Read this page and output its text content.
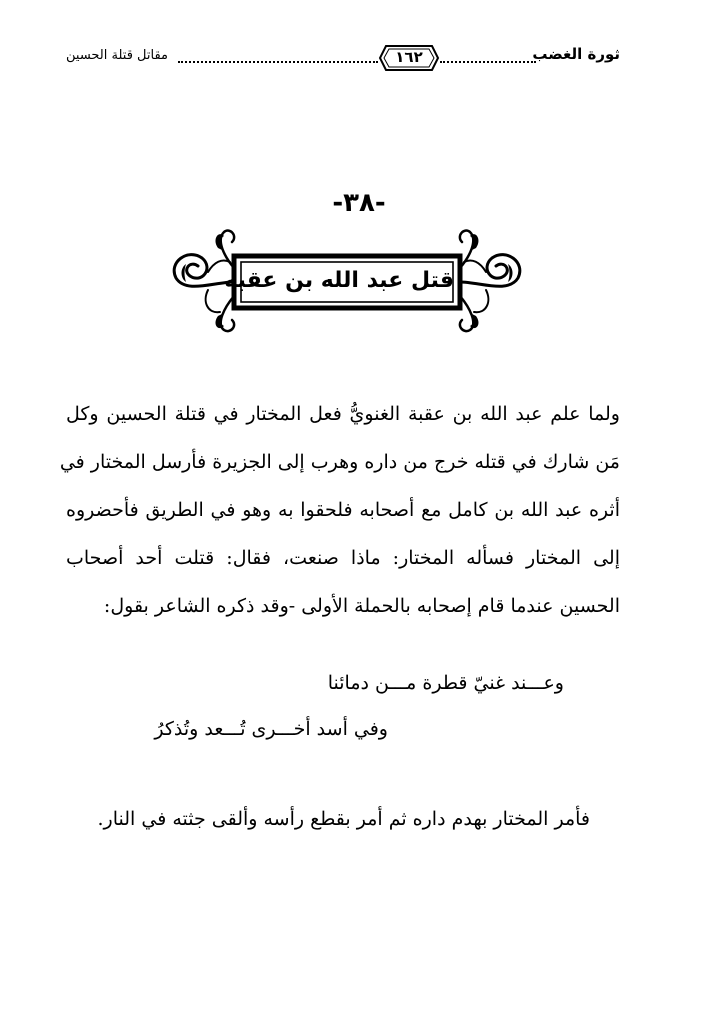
مقاتل قتلة الحسين	١٦٢	ثورة الغضب
-٣٨-
قتل عبد الله بن عقبه
ولما علم عبد الله بن عقبة الغنويُّ فعل المختار في قتلة الحسين وكل
مَن شارك في قتله خرج من داره وهرب إلى الجزيرة فأرسل المختار في
أثره عبد الله بن كامل مع أصحابه فلحقوا به وهو في الطريق فأحضروه
إلى المختار فسأله المختار: ماذا صنعت، فقال: قتلت أحد أصحاب
الحسين عندما قام إصحابه بالحملة الأولى -وقد ذكره الشاعر بقول:
وعـــند غنيّ قطرة مـــن دمائنا
وفي أسد أخـــرى تُـــعد وتُذكرُ
فأمر المختار بهدم داره ثم أمر بقطع رأسه وألقى جثته في النار.
